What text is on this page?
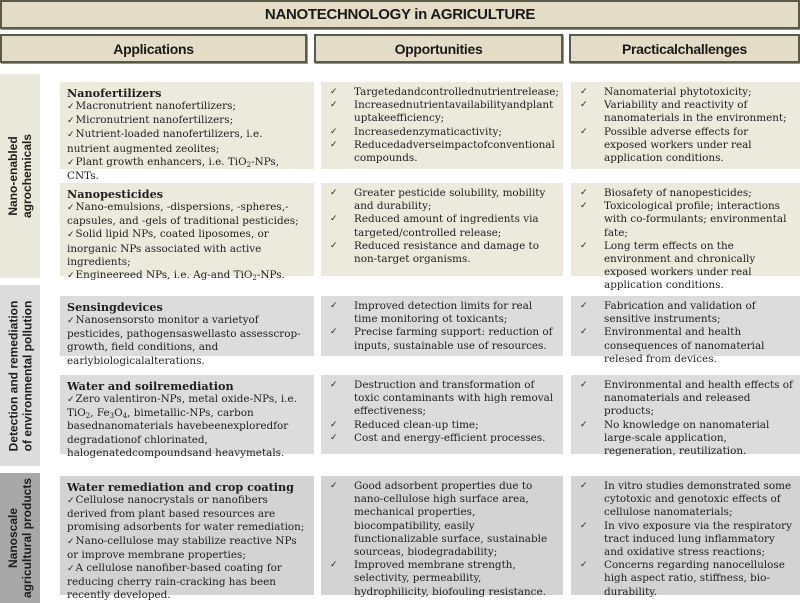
NANOTECHNOLOGY in AGRICULTURE
Applications	Opportunities	Practicalchallenges
Nano-enabled
agrochemicals
Detection and remediation
of environmental pollution
Nanoscale
agricultural products
Nanofertilizers
✓ Macronutrient nanofertilizers;
✓ Micronutrient nanofertilizers;
✓ Nutrient-loaded nanofertilizers, i.e. nutrient augmented zeolites;
✓ Plant growth enhancers, i.e. TiO$_2$-NPs, CNTs.
✓ Targetedandcontrollednutrientrelease;
✓ Increasednutrientavailabilityandplant uptakeefficiency;
✓ Increasedenzymaticactivity;
✓ Reducedadverseimpactofconventional compounds.
✓ Nanomaterial phytotoxicity;
✓ Variability and reactivity of nanomaterials in the environment;
✓ Possible adverse effects for exposed workers under real application conditions.
Nanopesticides
✓ Nano-emulsions, -dispersions, -spheres,-capsules, and -gels of traditional pesticides;
✓ Solid lipid NPs, coated liposomes, or inorganic NPs associated with active ingredients;
✓ Engineereed NPs, i.e. Ag-and TiO$_2$-NPs.
✓ Greater pesticide solubility, mobility and durability;
✓ Reduced amount of ingredients via targeted/controlled release;
✓ Reduced resistance and damage to non-target organisms.
✓ Biosafety of nanopesticides;
✓ Toxicological profile; interactions with co-formulants; environmental fate;
✓ Long term effects on the environment and chronically exposed workers under real application conditions.
Sensingdevices
✓ Nanosensorsto monitor a varietyof pesticides, pathogensaswellasto assesscrop-growth, field conditions, and earlybiologicalalterations.
✓ Improved detection limits for real time monitoring ot toxicants;
✓ Precise farming support: reduction of inputs, sustainable use of resources.
✓ Fabrication and validation of sensitive instruments;
✓ Environmental and health consequences of nanomaterial relesed from devices.
Water and soilremediation
✓ Zero valentiron-NPs, metal oxide-NPs, i.e. TiO$_2$, $Fe_3O_4$, bimetallic-NPs, carbon basednanomaterials havebeenexploredfor degradationof chlorinated, halogenatedcompoundsand heavymetals.
✓ Destruction and transformation of toxic contaminants with high removal effectiveness;
✓ Reduced clean-up time;
✓ Cost and energy-efficient processes.
✓ Environmental and health effects of nanomaterials and released products;
✓ No knowledge on nanomaterial large-scale application, regeneration, reutilization.
Water remediation and crop coating
✓ Cellulose nanocrystals or nanofibers derived from plant based resources are promising adsorbents for water remediation;
✓ Nano-cellulose may stabilize reactive NPs or improve membrane properties;
✓ A cellulose nanofiber-based coating for reducing cherry rain-cracking has been recently developed.
✓ Good adsorbent properties due to nano-cellulose high surface area, mechanical properties, biocompatibility, easily functionalizable surface, sustainable sourceas, biodegradability;
✓ Improved membrane strength, selectivity, permeability, hydrophilicity, biofouling resistance.
✓ In vitro studies demonstrated some cytotoxic and genotoxic effects of cellulose nanomaterials;
✓ In vivo exposure via the respiratory tract induced lung inflammatory and oxidative stress reactions;
✓ Concerns regarding nanocellulose high aspect ratio, stiffness, bio-durability.
